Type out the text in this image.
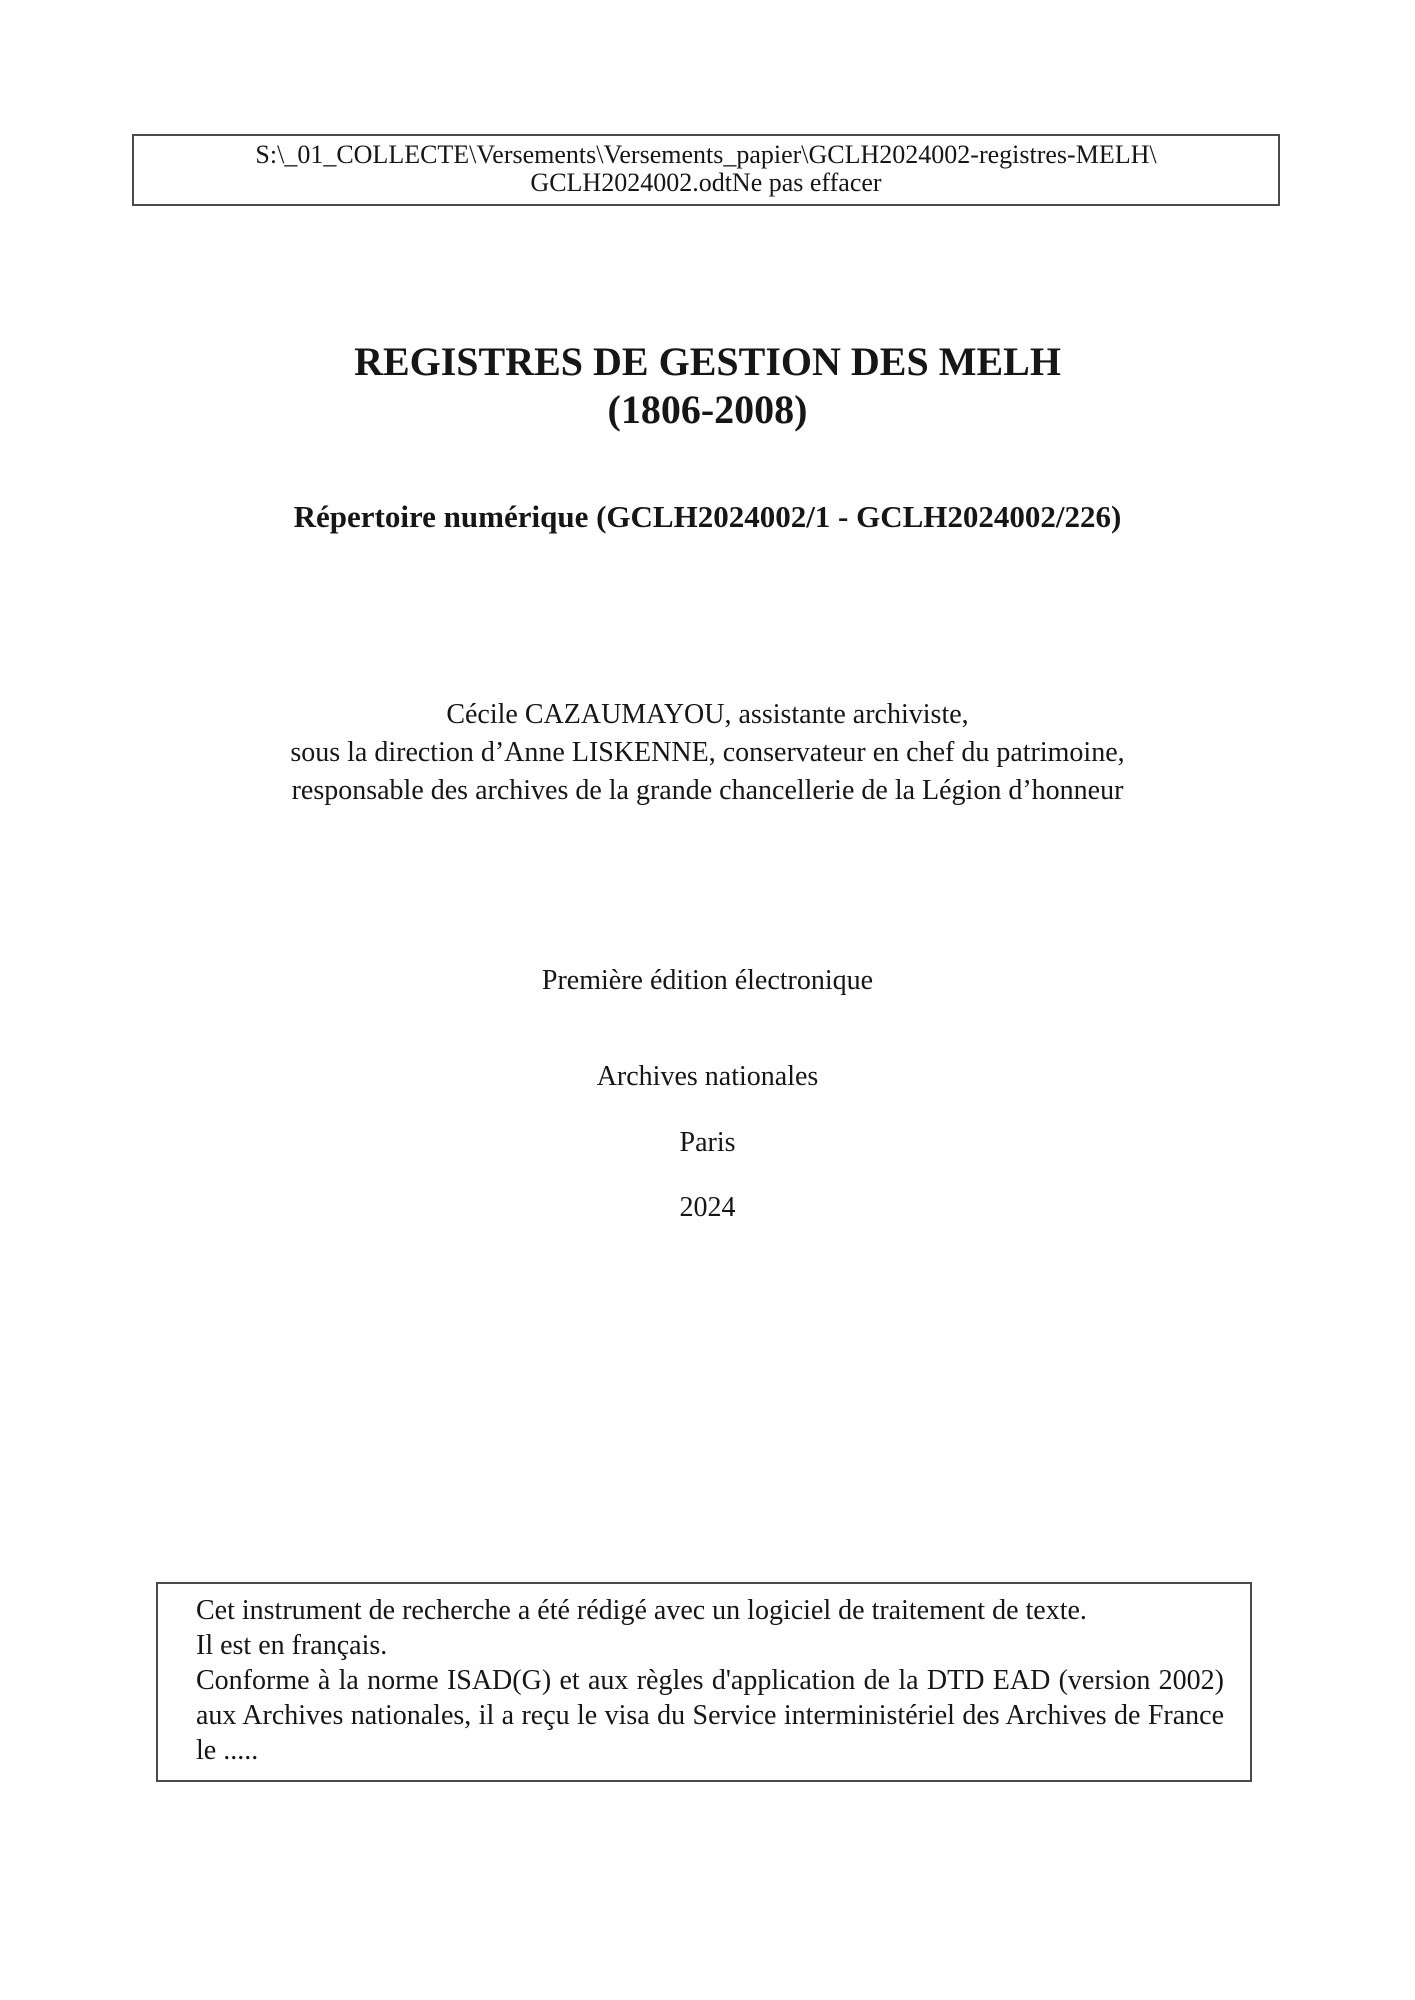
S:\_01_COLLECTE\Versements\Versements_papier\GCLH2024002-registres-MELH\
GCLH2024002.odtNe pas effacer
REGISTRES DE GESTION DES MELH
(1806-2008)
Répertoire numérique (GCLH2024002/1 - GCLH2024002/226)
Cécile CAZAUMAYOU, assistante archiviste,
sous la direction d’Anne LISKENNE, conservateur en chef du patrimoine,
responsable des archives de la grande chancellerie de la Légion d’honneur
Première édition électronique
Archives nationales
Paris
2024
Cet instrument de recherche a été rédigé avec un logiciel de traitement de texte.
Il est en français.

Conforme à la norme ISAD(G) et aux règles d'application de la DTD EAD (version 2002) aux Archives nationales, il a reçu le visa du Service interministériel des Archives de France le .....
